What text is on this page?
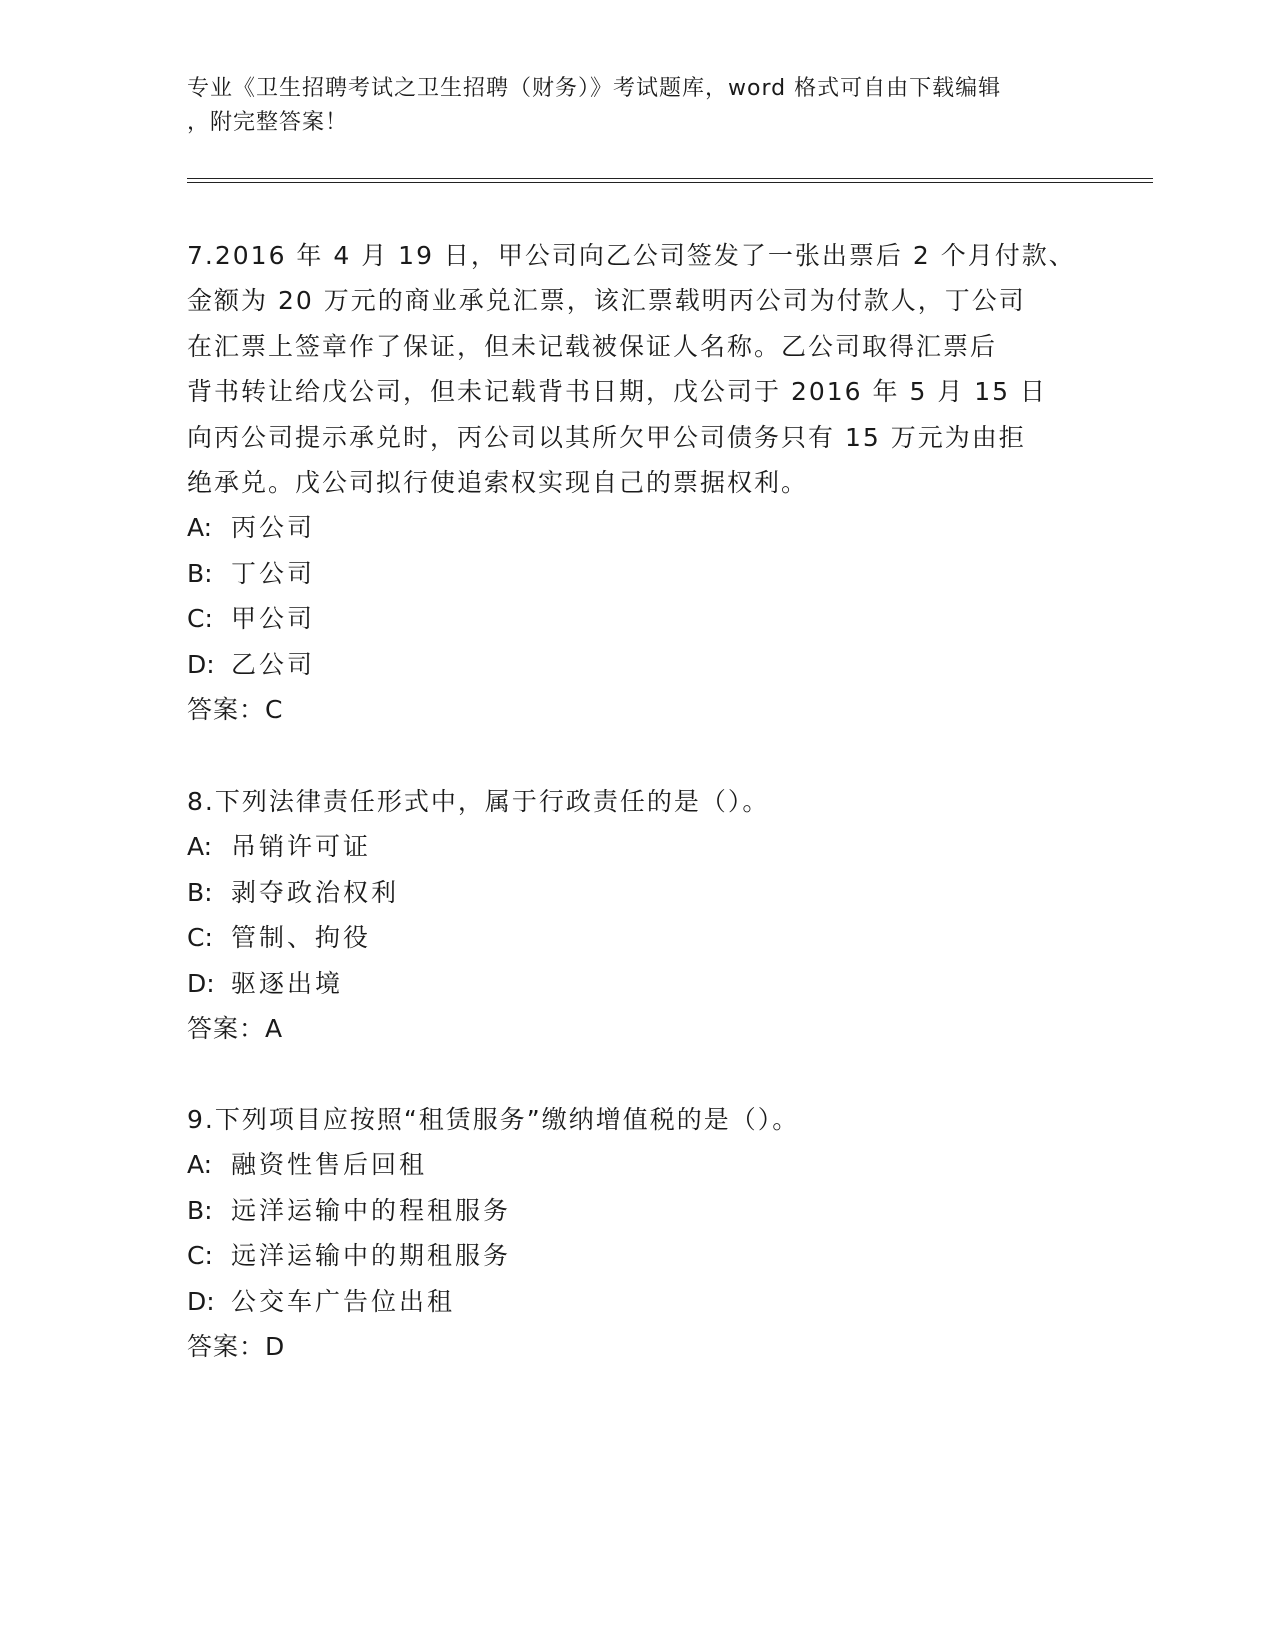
专业《卫生招聘考试之卫生招聘（财务）》考试题库，word 格式可自由下载编辑
，附完整答案！

7.2016 年 4 月 19 日，甲公司向乙公司签发了一张出票后 2 个月付款、
金额为 20 万元的商业承兑汇票，该汇票载明丙公司为付款人，丁公司
在汇票上签章作了保证，但未记载被保证人名称。乙公司取得汇票后
背书转让给戊公司，但未记载背书日期，戊公司于 2016 年 5 月 15 日
向丙公司提示承兑时，丙公司以其所欠甲公司债务只有 15 万元为由拒
绝承兑。戊公司拟行使追索权实现自己的票据权利。

A: 丙公司

B: 丁公司

C: 甲公司

D: 乙公司

答案：C

8.下列法律责任形式中，属于行政责任的是（）。

A: 吊销许可证

B: 剥夺政治权利

C: 管制、拘役

D: 驱逐出境

答案：A

9.下列项目应按照“租赁服务”缴纳增值税的是（）。

A: 融资性售后回租

B: 远洋运输中的程租服务

C: 远洋运输中的期租服务

D: 公交车广告位出租

答案：D
